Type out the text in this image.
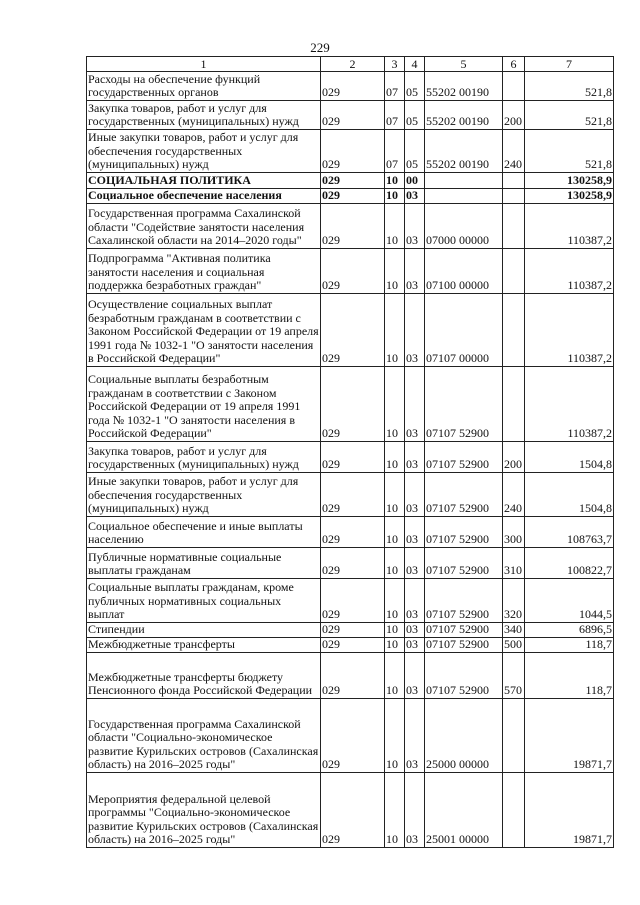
229
1	2	3	4	5	6	7
Расходы на обеспечение функций государственных органов	029	07	05	55202 00190		521,8
Закупка товаров, работ и услуг для государственных (муниципальных) нужд	029	07	05	55202 00190	200	521,8
Иные закупки товаров, работ и услуг для обеспечения государственных (муниципальных) нужд	029	07	05	55202 00190	240	521,8
СОЦИАЛЬНАЯ ПОЛИТИКА	029	10	00			130258,9
Социальное обеспечение населения	029	10	03			130258,9
Государственная программа Сахалинской области "Содействие занятости населения Сахалинской области на 2014–2020 годы"	029	10	03	07000 00000		110387,2
Подпрограмма "Активная политика занятости населения и социальная поддержка безработных граждан"	029	10	03	07100 00000		110387,2
Осуществление социальных выплат безработным гражданам в соответствии с Законом Российской Федерации от 19 апреля 1991 года № 1032-1 "О занятости населения в Российской Федерации"	029	10	03	07107 00000		110387,2
Социальные выплаты безработным гражданам в соответствии с Законом Российской Федерации от 19 апреля 1991 года № 1032-1 "О занятости населения в Российской Федерации"	029	10	03	07107 52900		110387,2
Закупка товаров, работ и услуг для государственных (муниципальных) нужд	029	10	03	07107 52900	200	1504,8
Иные закупки товаров, работ и услуг для обеспечения государственных (муниципальных) нужд	029	10	03	07107 52900	240	1504,8
Социальное обеспечение и иные выплаты населению	029	10	03	07107 52900	300	108763,7
Публичные нормативные социальные выплаты гражданам	029	10	03	07107 52900	310	100822,7
Социальные выплаты гражданам, кроме публичных нормативных социальных выплат	029	10	03	07107 52900	320	1044,5
Стипендии	029	10	03	07107 52900	340	6896,5
Межбюджетные трансферты	029	10	03	07107 52900	500	118,7
Межбюджетные трансферты бюджету Пенсионного фонда Российской Федерации	029	10	03	07107 52900	570	118,7
Государственная программа Сахалинской области "Социально-экономическое развитие Курильских островов (Сахалинская область) на 2016–2025 годы"	029	10	03	25000 00000		19871,7
Мероприятия федеральной целевой программы "Социально-экономическое развитие Курильских островов (Сахалинская область) на 2016–2025 годы"	029	10	03	25001 00000		19871,7
